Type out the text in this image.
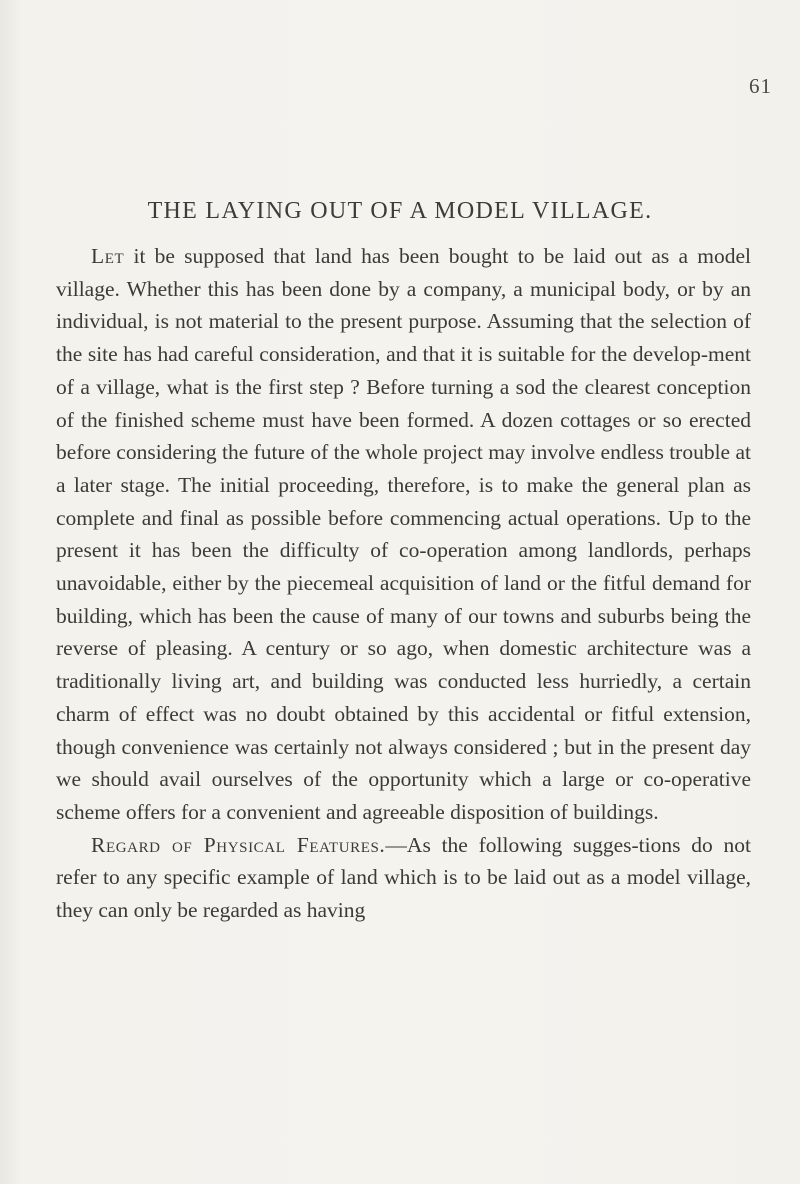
61
THE LAYING OUT OF A MODEL VILLAGE.

Let it be supposed that land has been bought to be laid out as a model village. Whether this has been done by a company, a municipal body, or by an individual, is not material to the present purpose. Assuming that the selection of the site has had careful consideration, and that it is suitable for the develop-ment of a village, what is the first step ? Before turning a sod the clearest conception of the finished scheme must have been formed. A dozen cottages or so erected before considering the future of the whole project may involve endless trouble at a later stage. The initial proceeding, therefore, is to make the general plan as complete and final as possible before commencing actual operations. Up to the present it has been the difficulty of co-operation among landlords, perhaps unavoidable, either by the piecemeal acquisition of land or the fitful demand for building, which has been the cause of many of our towns and suburbs being the reverse of pleasing. A century or so ago, when domestic architecture was a traditionally living art, and building was conducted less hurriedly, a certain charm of effect was no doubt obtained by this accidental or fitful extension, though convenience was certainly not always considered ; but in the present day we should avail ourselves of the opportunity which a large or co-operative scheme offers for a convenient and agreeable disposition of buildings.

Regard of Physical Features.—As the following sugges-tions do not refer to any specific example of land which is to be laid out as a model village, they can only be regarded as having
